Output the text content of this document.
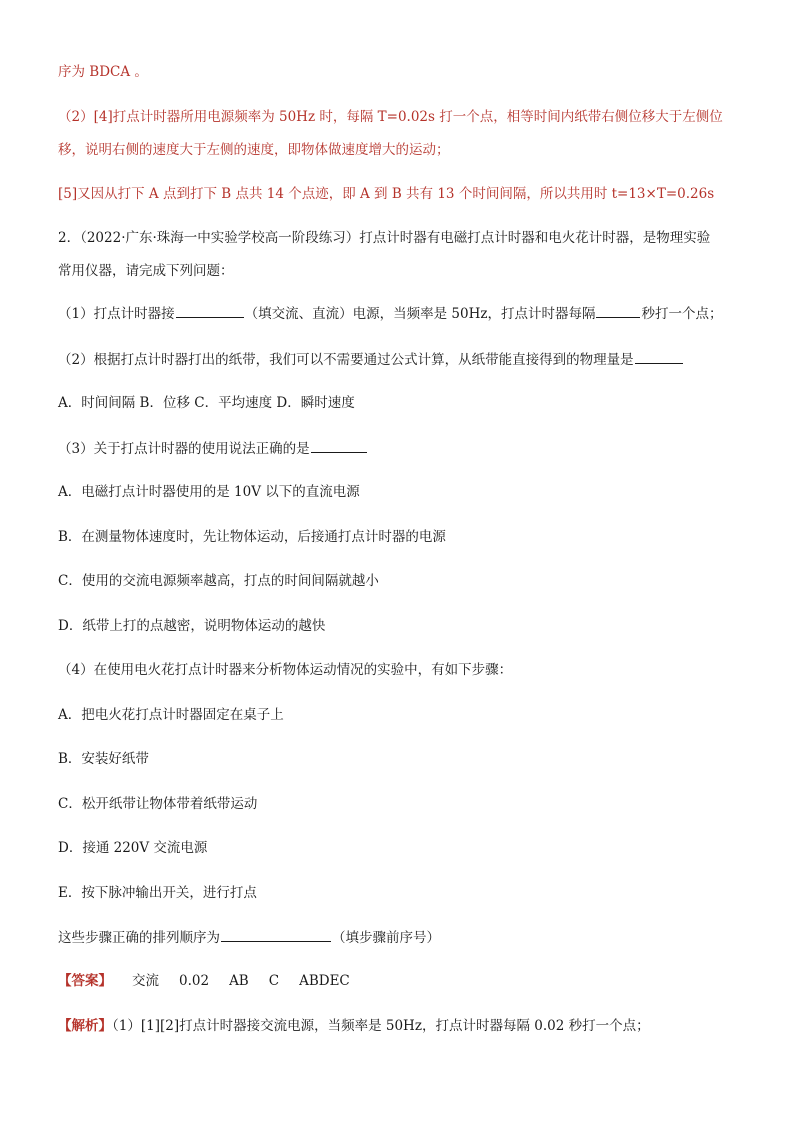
序为 BDCA 。
（2）[4]打点计时器所用电源频率为 50Hz 时，每隔 T=0.02s 打一个点，相等时间内纸带右侧位移大于左侧位
移，说明右侧的速度大于左侧的速度，即物体做速度增大的运动；
[5]又因从打下 A 点到打下 B 点共 14 个点迹，即 A 到 B 共有 13 个时间间隔，所以共用时 t=13×T=0.26s
2．（2022·广东·珠海一中实验学校高一阶段练习）打点计时器有电磁打点计时器和电火花计时器，是物理实验
常用仪器，请完成下列问题：
（1）打点计时器接	（填交流、直流）电源，当频率是 50Hz，打点计时器每隔	秒打一个点；
（2）根据打点计时器打出的纸带，我们可以不需要通过公式计算，从纸带能直接得到的物理量是
A．时间间隔 B．位移 C．平均速度 D．瞬时速度
（3）关于打点计时器的使用说法正确的是
A．电磁打点计时器使用的是 10V 以下的直流电源
B．在测量物体速度时，先让物体运动，后接通打点计时器的电源
C．使用的交流电源频率越高，打点的时间间隔就越小
D．纸带上打的点越密，说明物体运动的越快
（4）在使用电火花打点计时器来分析物体运动情况的实验中，有如下步骤：
A．把电火花打点计时器固定在桌子上
B．安装好纸带
C．松开纸带让物体带着纸带运动
D．接通 220V 交流电源
E．按下脉冲输出开关，进行打点
这些步骤正确的排列顺序为	（填步骤前序号）
【答案】 交流 0.02 AB C ABDEC
【解析】（1）[1][2]打点计时器接交流电源，当频率是 50Hz，打点计时器每隔 0.02 秒打一个点；
